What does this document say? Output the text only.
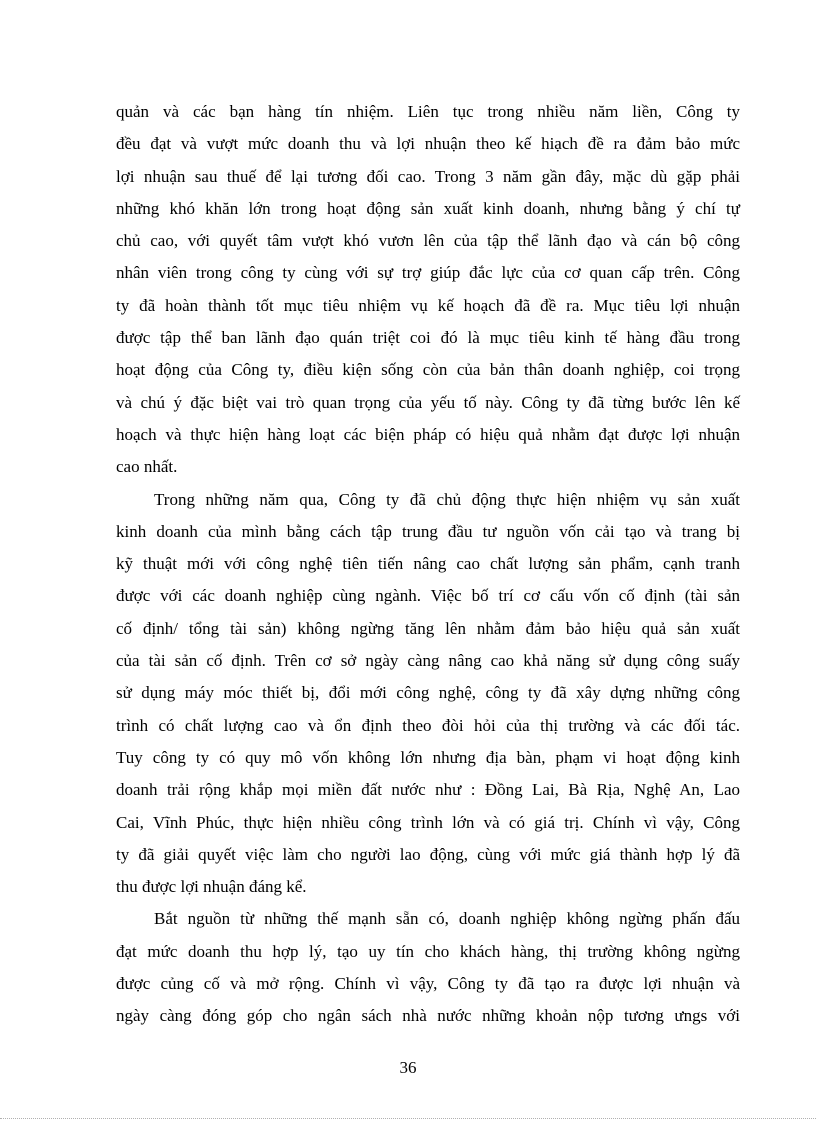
quản và các bạn hàng tín nhiệm. Liên tục trong nhiều năm liền, Công ty
đều đạt và vượt mức doanh thu và lợi nhuận theo kế hiạch đề ra đảm bảo mức
lợi nhuận sau thuế để lại tương đối cao. Trong 3 năm gần đây, mặc dù gặp phải
những khó khăn lớn trong hoạt động sản xuất kinh doanh, nhưng bằng ý chí tự
chủ cao, với quyết tâm vượt khó vươn lên của tập thể lãnh đạo và cán bộ công
nhân viên trong công ty cùng với sự trợ giúp đắc lực của cơ quan cấp trên. Công
ty đã hoàn thành tốt mục tiêu nhiệm vụ kế hoạch đã đề ra. Mục tiêu lợi nhuận
được tập thể ban lãnh đạo quán triệt coi đó là mục tiêu kinh tế hàng đầu trong
hoạt động của Công ty, điều kiện sống còn của bản thân doanh nghiệp, coi trọng
và chú ý đặc biệt vai trò quan trọng của yếu tố này. Công ty đã từng bước lên kế
hoạch và thực hiện hàng loạt các biện pháp có hiệu quả nhằm đạt được lợi nhuận
cao nhất.
Trong những năm qua, Công ty đã chủ động thực hiện nhiệm vụ sản xuất
kinh doanh của mình bằng cách tập trung đầu tư nguồn vốn cải tạo và trang bị
kỹ thuật mới với công nghệ tiên tiến nâng cao chất lượng sản phẩm, cạnh tranh
được với các doanh nghiệp cùng ngành. Việc bố trí cơ cấu vốn cố định (tài sản
cố định/ tổng tài sản) không ngừng tăng lên nhằm đảm bảo hiệu quả sản xuất
của tài sản cố định. Trên cơ sở ngày càng nâng cao khả năng sử dụng công suấy
sử dụng máy móc thiết bị, đổi mới công nghệ, công ty đã xây dựng những công
trình có chất lượng cao và ổn định theo đòi hỏi của thị trường và các đối tác.
Tuy công ty có quy mô vốn không lớn nhưng địa bàn, phạm vi hoạt động kinh
doanh trải rộng khắp mọi miền đất nước như : Đồng Lai, Bà Rịa, Nghệ An, Lao
Cai, Vĩnh Phúc, thực hiện nhiều công trình lớn và có giá trị. Chính vì vậy, Công
ty đã giải quyết việc làm cho người lao động, cùng với mức giá thành hợp lý đã
thu được lợi nhuận đáng kể.
Bắt nguồn từ những thế mạnh sẵn có, doanh nghiệp không ngừng phấn đấu
đạt mức doanh thu hợp lý, tạo uy tín cho khách hàng, thị trường không ngừng
được củng cố và mở rộng. Chính vì vậy, Công ty đã tạo ra được lợi nhuận và
ngày càng đóng góp cho ngân sách nhà nước những khoản nộp tương ưngs với
36
